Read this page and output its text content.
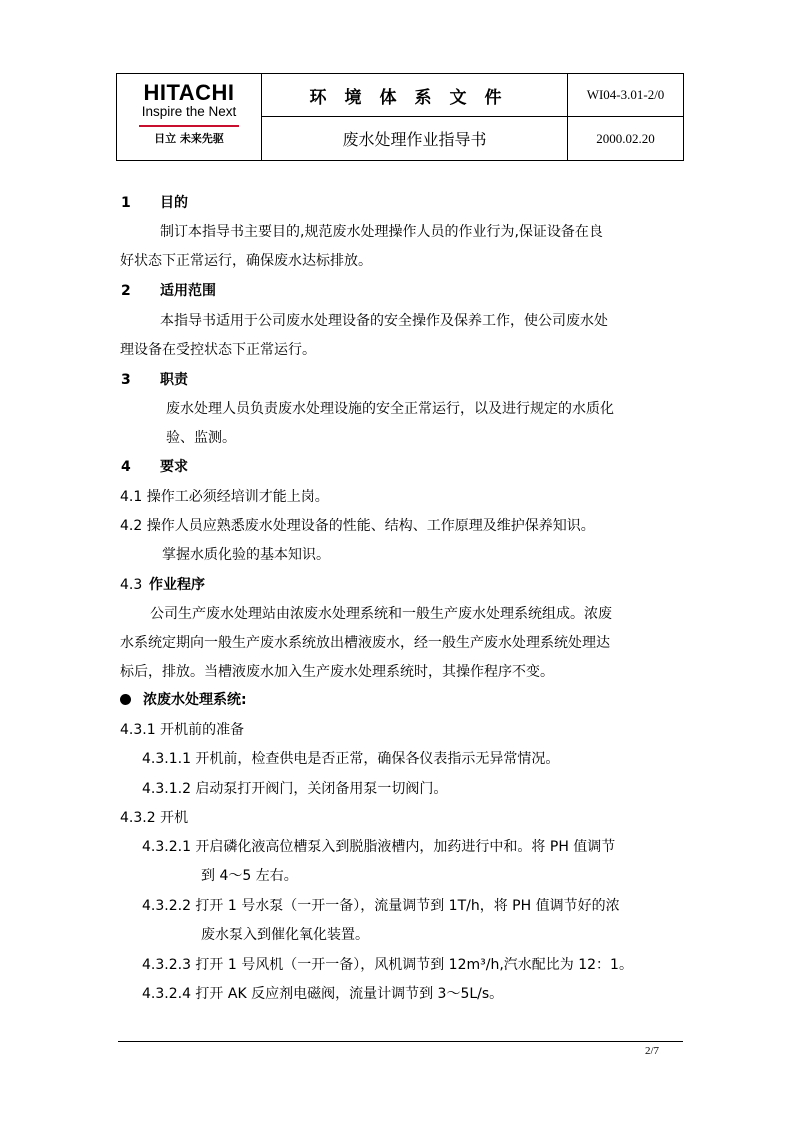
HITACHI
Inspire the Next
日立 未来先驱
环境体系文件
废水处理作业指导书
WI04-3.01-2/0
2000.02.20
1 目的
制订本指导书主要目的,规范废水处理操作人员的作业行为,保证设备在良
好状态下正常运行，确保废水达标排放。
2 适用范围
本指导书适用于公司废水处理设备的安全操作及保养工作，使公司废水处
理设备在受控状态下正常运行。
3 职责
废水处理人员负责废水处理设施的安全正常运行，以及进行规定的水质化
验、监测。
4 要求
4.1 操作工必须经培训才能上岗。
4.2 操作人员应熟悉废水处理设备的性能、结构、工作原理及维护保养知识。
掌握水质化验的基本知识。
4.3 作业程序
公司生产废水处理站由浓废水处理系统和一般生产废水处理系统组成。浓废
水系统定期向一般生产废水系统放出槽液废水，经一般生产废水处理系统处理达
标后，排放。当槽液废水加入生产废水处理系统时，其操作程序不变。
浓废水处理系统:
4.3.1 开机前的准备
4.3.1.1 开机前，检查供电是否正常，确保各仪表指示无异常情况。
4.3.1.2 启动泵打开阀门，关闭备用泵一切阀门。
4.3.2 开机
4.3.2.1 开启磷化液高位槽泵入到脱脂液槽内，加药进行中和。将 PH 值调节
到 4～5 左右。
4.3.2.2 打开 1 号水泵（一开一备），流量调节到 1T/h，将 PH 值调节好的浓
废水泵入到催化氧化装置。
4.3.2.3 打开 1 号风机（一开一备），风机调节到 12m³/h,汽水配比为 12：1。
4.3.2.4 打开 AK 反应剂电磁阀，流量计调节到 3～5L/s。
2/7
